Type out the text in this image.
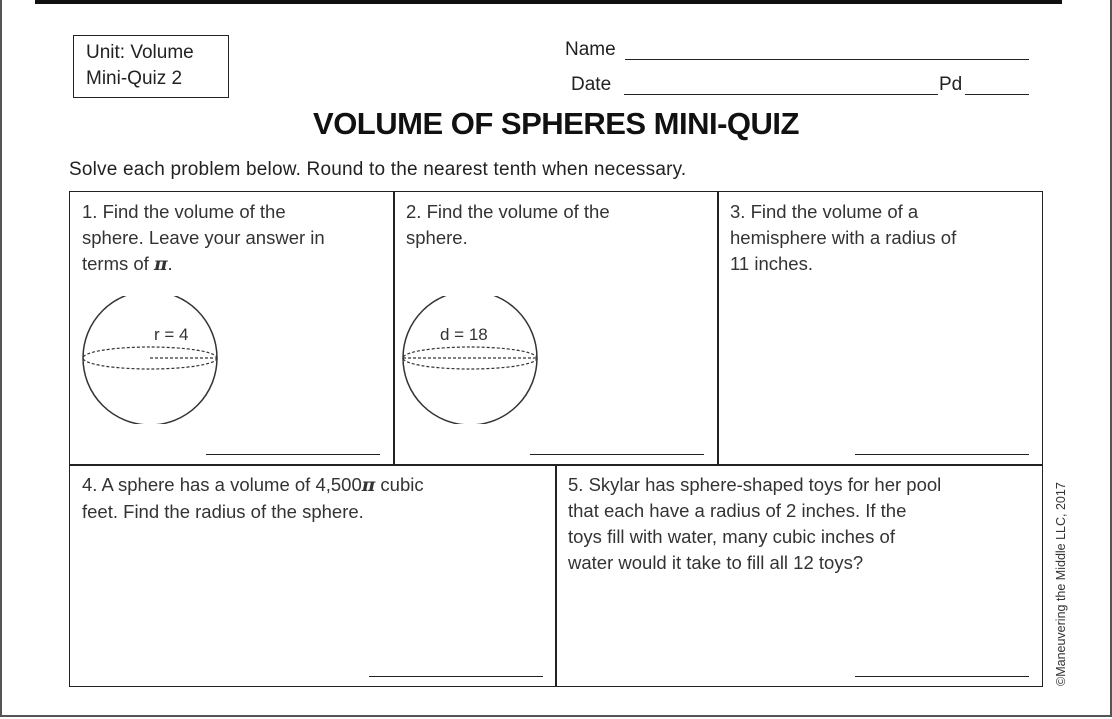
Unit: Volume
Mini-Quiz 2
Name
Date	Pd
VOLUME OF SPHERES MINI-QUIZ
Solve each problem below. Round to the nearest tenth when necessary.
1. Find the volume of the
sphere. Leave your answer in
terms of π.
r = 4
2. Find the volume of the
sphere.
d = 18
3. Find the volume of a
hemisphere with a radius of
11 inches.
4. A sphere has a volume of 4,500π cubic
feet. Find the radius of the sphere.
5. Skylar has sphere-shaped toys for her pool
that each have a radius of 2 inches. If the
toys fill with water, many cubic inches of
water would it take to fill all 12 toys?	©Maneuvering the Middle LLC, 2017
